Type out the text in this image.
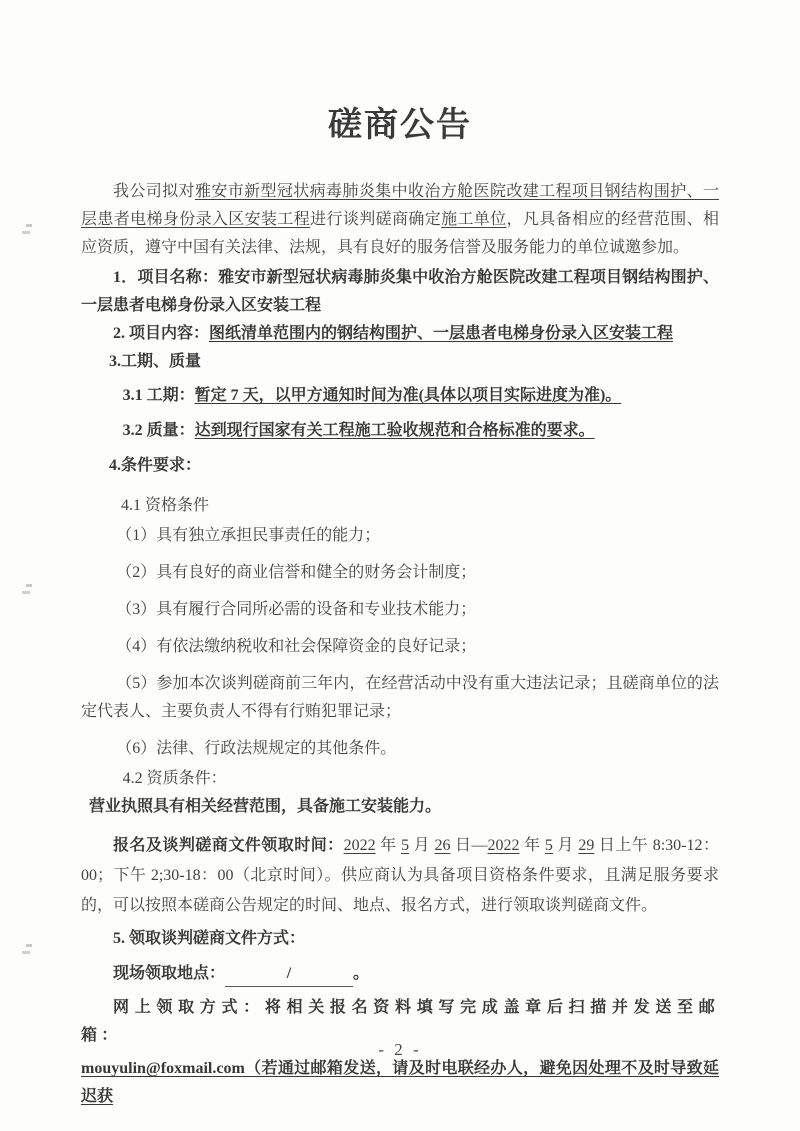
磋商公告

我公司拟对雅安市新型冠状病毒肺炎集中收治方舱医院改建工程项目钢结构围护、一层患者电梯身份录入区安装工程进行谈判磋商确定施工单位，凡具备相应的经营范围、相应资质，遵守中国有关法律、法规，具有良好的服务信誉及服务能力的单位诚邀参加。

1．项目名称：雅安市新型冠状病毒肺炎集中收治方舱医院改建工程项目钢结构围护、一层患者电梯身份录入区安装工程

2. 项目内容：图纸清单范围内的钢结构围护、一层患者电梯身份录入区安装工程

3.工期、质量

3.1 工期：暂定 7 天，以甲方通知时间为准(具体以项目实际进度为准)。

3.2 质量：达到现行国家有关工程施工验收规范和合格标准的要求。

4.条件要求：

4.1 资格条件

（1）具有独立承担民事责任的能力；

（2）具有良好的商业信誉和健全的财务会计制度；

（3）具有履行合同所必需的设备和专业技术能力；

（4）有依法缴纳税收和社会保障资金的良好记录；

（5）参加本次谈判磋商前三年内，在经营活动中没有重大违法记录；且磋商单位的法定代表人、主要负责人不得有行贿犯罪记录；

（6）法律、行政法规规定的其他条件。

4.2 资质条件：

营业执照具有相关经营范围，具备施工安装能力。

报名及谈判磋商文件领取时间：2022 年 5 月 26 日—2022 年 5 月 29 日上午 8:30-12：00；下午 2;30-18：00（北京时间）。供应商认为具备项目资格条件要求，且满足服务要求的，可以按照本磋商公告规定的时间、地点、报名方式，进行领取谈判磋商文件。

5. 领取谈判磋商文件方式：

现场领取地点：	/	。

网上领取方式：将相关报名资料填写完成盖章后扫描并发送至邮箱：

mouyulin@foxmail.com（若通过邮箱发送，请及时电联经办人，避免因处理不及时导致延迟获

- 2 -
